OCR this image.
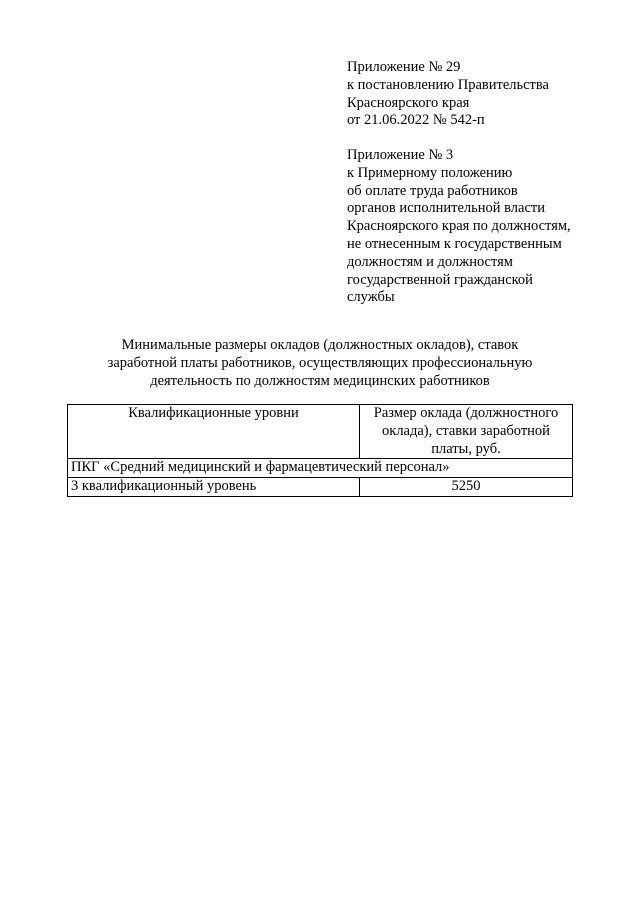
Приложение № 29
к постановлению Правительства
Красноярского края
от 21.06.2022 № 542-п
Приложение № 3
к Примерному положению
об оплате труда работников
органов исполнительной власти
Красноярского края по должностям,
не отнесенным к государственным
должностям и должностям
государственной гражданской
службы
Минимальные размеры окладов (должностных окладов), ставок
заработной платы работников, осуществляющих профессиональную
деятельность по должностям медицинских работников
Квалификационные уровни	Размер оклада (должностного
оклада), ставки заработной
платы, руб.

ПКГ «Средний медицинский и фармацевтический персонал»	
3 квалификационный уровень	5250
